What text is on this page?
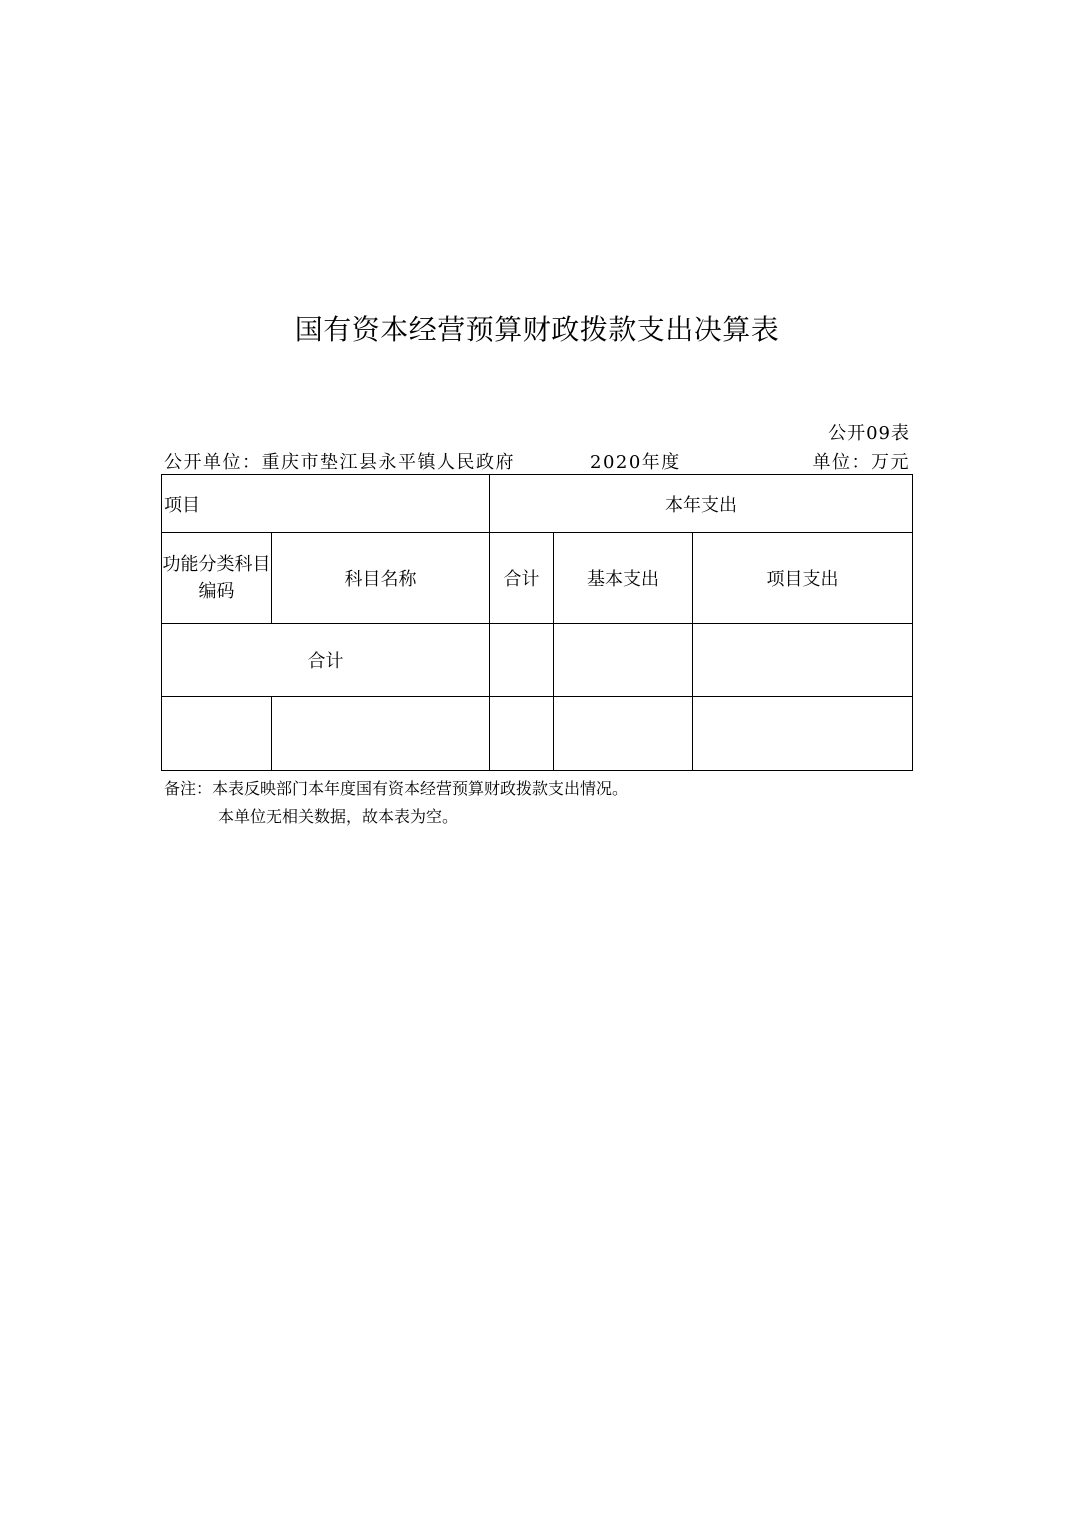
国有资本经营预算财政拨款支出决算表
公开09表
公开单位：重庆市垫江县永平镇人民政府	2020年度	单位：万元
项目		本年支出		
功能分类科目编码	科目名称	合计	基本支出	项目支出
合计				

备注：本表反映部门本年度国有资本经营预算财政拨款支出情况。
本单位无相关数据，故本表为空。
